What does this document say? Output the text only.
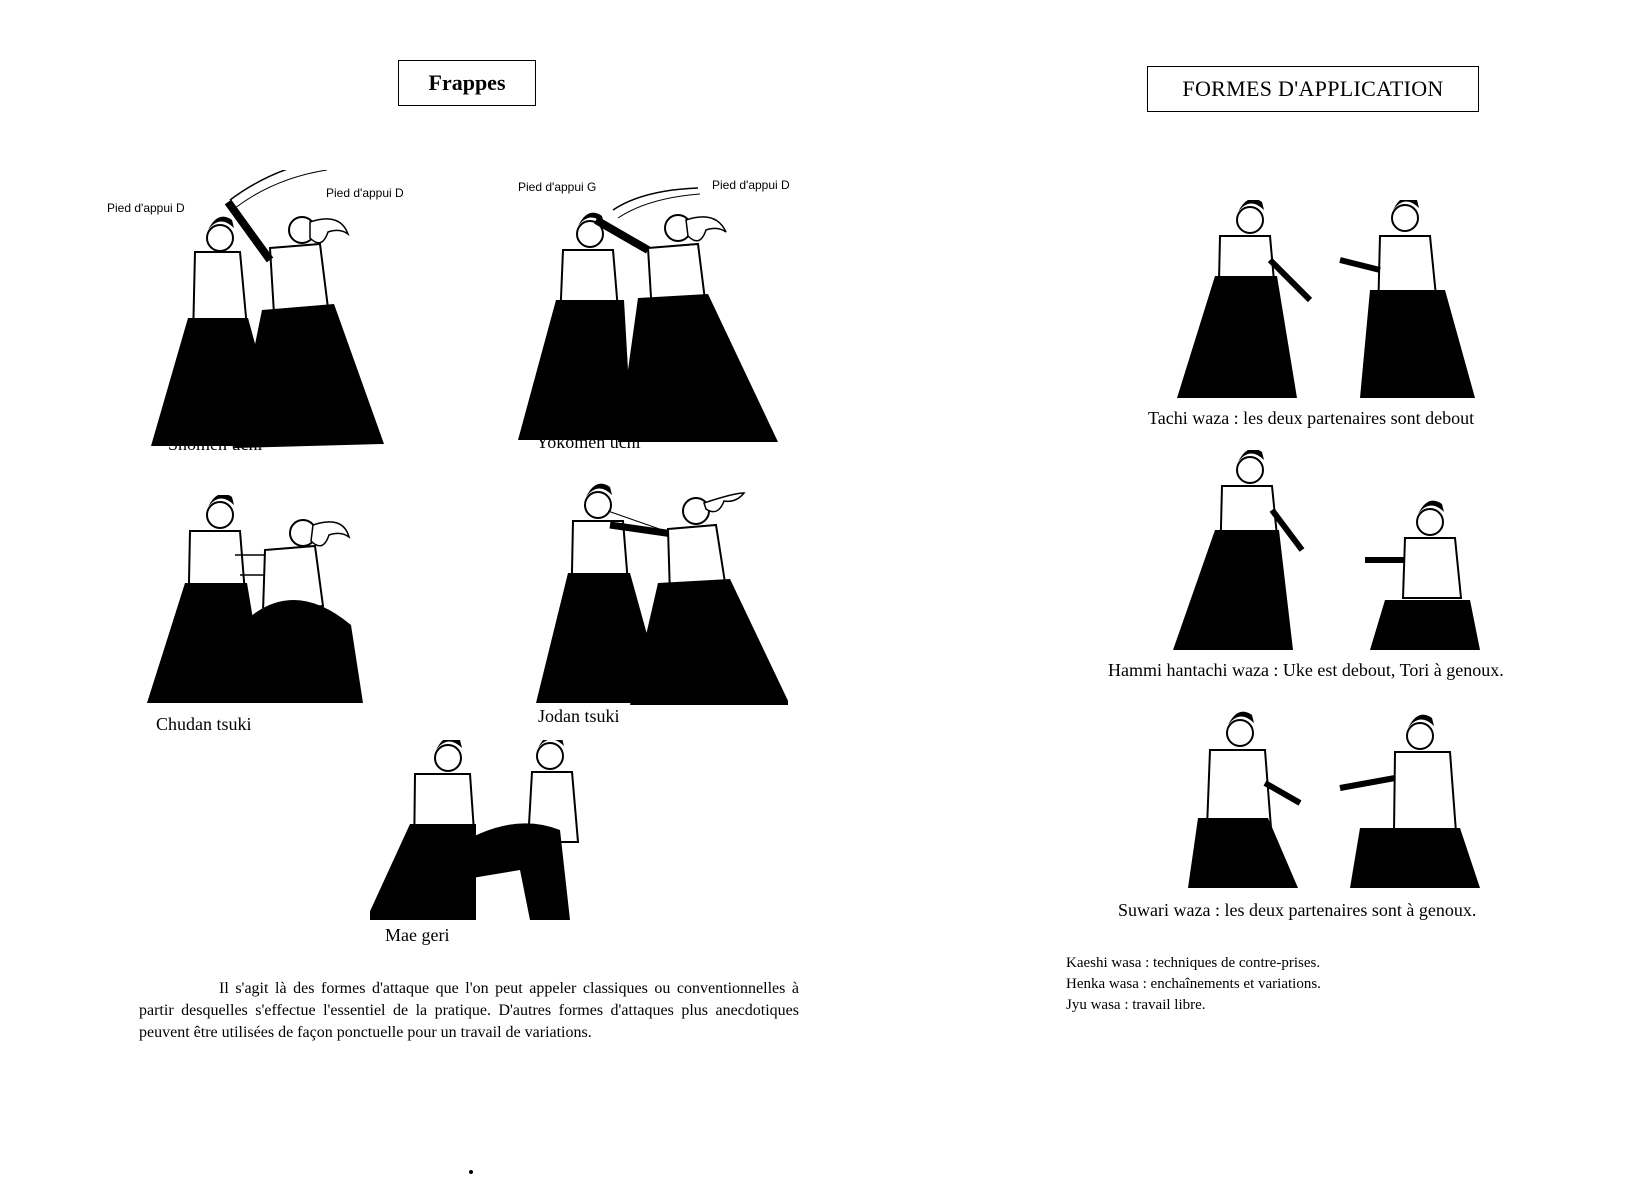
Frappes
Pied d'appui D
Pied d'appui D
Shomen uchi
Pied d'appui G	Pied d'appui D
Yokomen uchi
Chudan tsuki	Jodan tsuki
Mae geri
Il s'agit là des formes d'attaque que l'on peut appeler classiques ou conventionnelles à partir desquelles s'effectue l'essentiel de la pratique. D'autres formes d'attaques plus anecdotiques peuvent être utilisées de façon ponctuelle pour un travail de variations.
FORMES D'APPLICATION
Tachi waza : les deux partenaires sont debout
Hammi hantachi waza : Uke est debout, Tori à genoux.
Suwari waza : les deux partenaires sont à genoux.
Kaeshi wasa : techniques de contre-prises.
Henka wasa : enchaînements et variations.
Jyu wasa : travail libre.
